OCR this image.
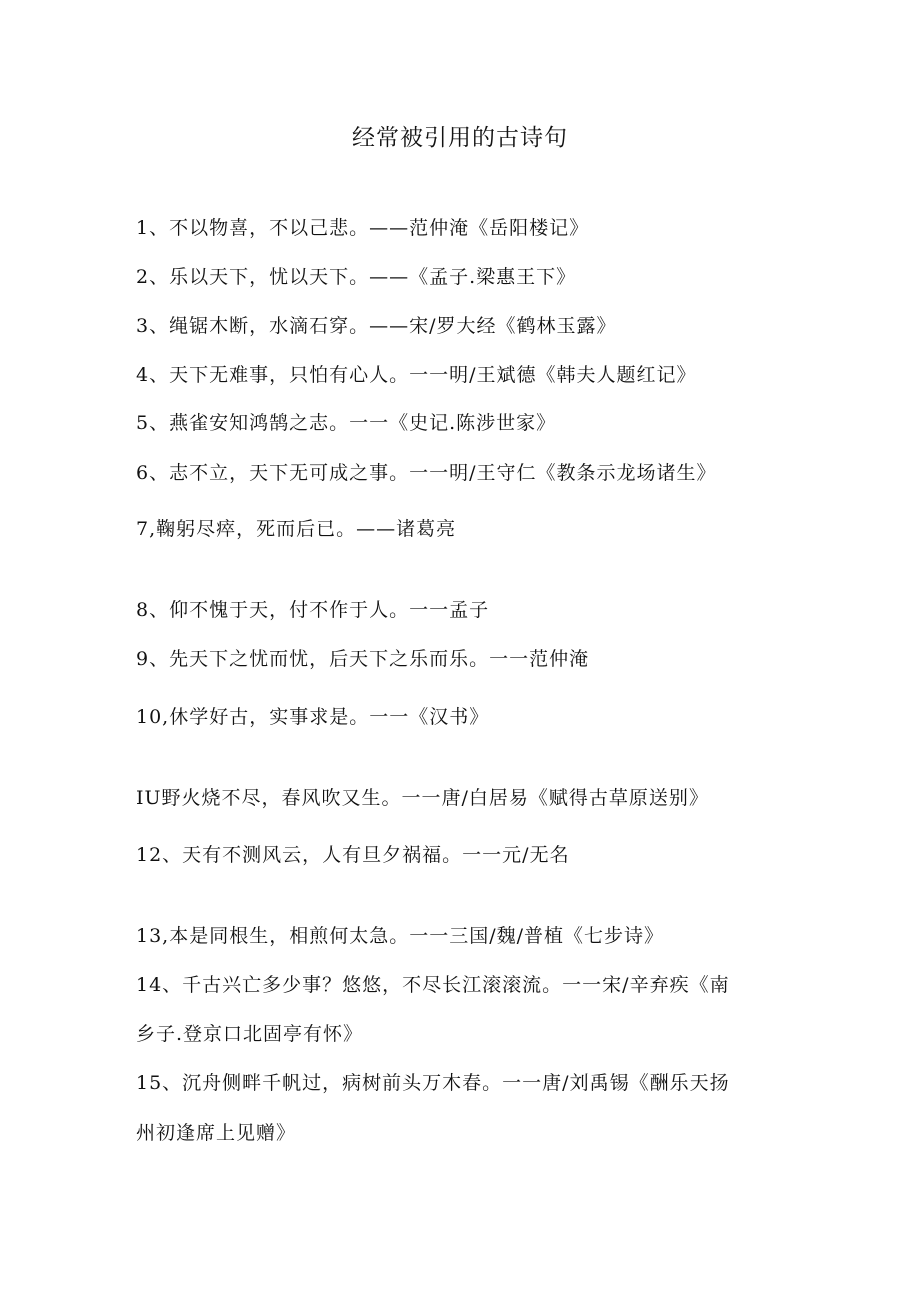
经常被引用的古诗句
1、不以物喜，不以己悲。——范仲淹《岳阳楼记》
2、乐以天下，忧以天下。——《孟子.梁惠王下》
3、绳锯木断，水滴石穿。——宋/罗大经《鹤林玉露》
4、天下无难事，只怕有心人。一一明/王斌德《韩夫人题红记》
5、燕雀安知鸿鹄之志。一一《史记.陈涉世家》
6、志不立，天下无可成之事。一一明/王守仁《教条示龙场诸生》
7,鞠躬尽瘁，死而后已。——诸葛亮
8、仰不愧于天，付不作于人。一一孟子
9、先天下之忧而忧，后天下之乐而乐。一一范仲淹
10,休学好古，实事求是。一一《汉书》
IU野火烧不尽，春风吹又生。一一唐/白居易《赋得古草原送别》
12、天有不测风云，人有旦夕祸福。一一元/无名
13,本是同根生，相煎何太急。一一三国/魏/普植《七步诗》
14、千古兴亡多少事？悠悠，不尽长江滚滚流。一一宋/辛弃疾《南
乡子.登京口北固亭有怀》
15、沉舟侧畔千帆过，病树前头万木春。一一唐/刘禹锡《酬乐天扬
州初逢席上见赠》
